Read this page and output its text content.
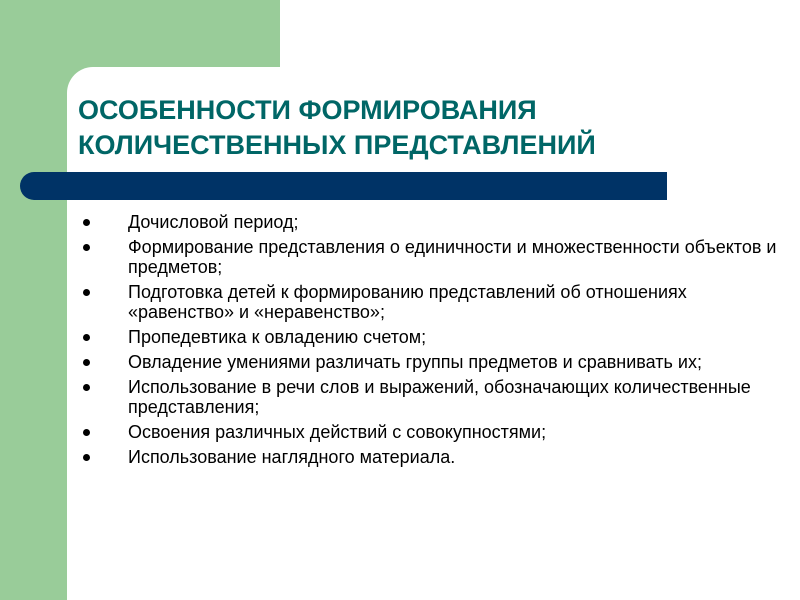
ОСОБЕННОСТИ ФОРМИРОВАНИЯ
КОЛИЧЕСТВЕННЫХ ПРЕДСТАВЛЕНИЙ
Дочисловой период;
Формирование представления о единичности и множественности объектов и предметов;
Подготовка детей к формированию представлений об отношениях «равенство» и «неравенство»;
Пропедевтика к овладению счетом;
Овладение умениями различать группы предметов и сравнивать их;
Использование в речи слов и выражений, обозначающих количественные представления;
Освоения различных действий с совокупностями;
Использование наглядного материала.
